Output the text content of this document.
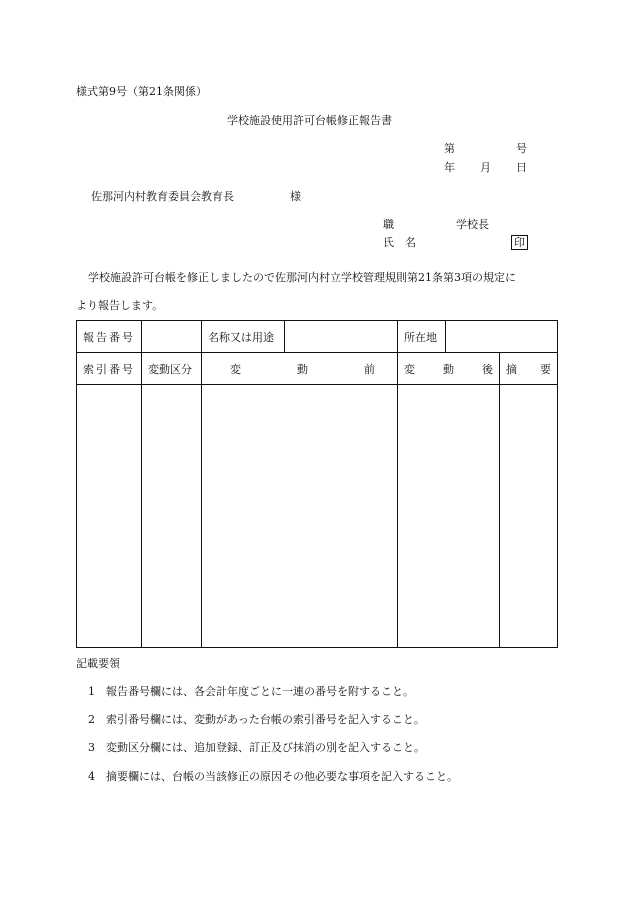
様式第9号（第21条関係）
学校施設使用許可台帳修正報告書
第	号
年 月 日
佐那河内村教育委員会教育長	様
職	学校長
氏　名	印
学校施設許可台帳を修正しましたので佐那河内村立学校管理規則第21条第3項の規定に
より報告します。
報告番号		名称又は用途		所在地		
索引番号	変動区分	変 動 前		変 動 後		摘 要

記載要領
1　報告番号欄には、各会計年度ごとに一連の番号を附すること。
2　索引番号欄には、変動があった台帳の索引番号を記入すること。
3　変動区分欄には、追加登録、訂正及び抹消の別を記入すること。
4　摘要欄には、台帳の当該修正の原因その他必要な事項を記入すること。
